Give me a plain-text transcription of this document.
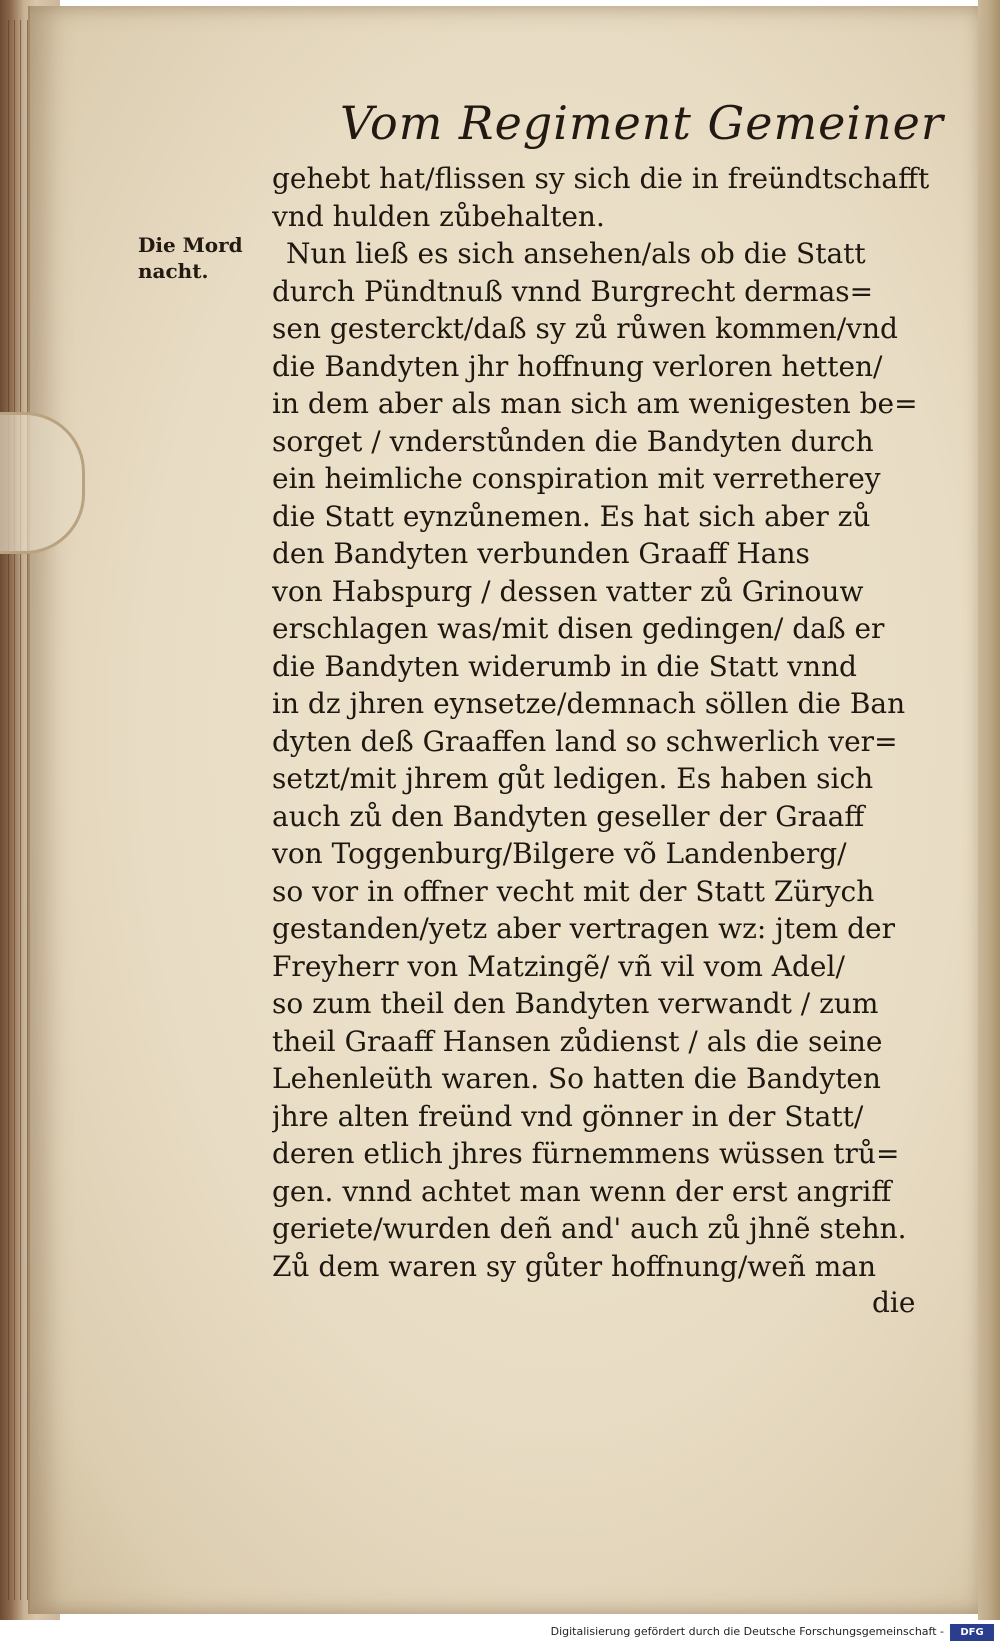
Vom Regiment Gemeiner
Die Mord
nacht.
gehebt hat/flissen sy sich die in freündtschafft
vnd hulden zůbehalten.
Nun ließ es sich ansehen/als ob die Statt
durch Pündtnuß vnnd Burgrecht dermas=
sen gesterckt/daß sy zů růwen kommen/vnd
die Bandyten jhr hoffnung verloren hetten/
in dem aber als man sich am wenigesten be=
sorget / vnderstůnden die Bandyten durch
ein heimliche conspiration mit verretherey
die Statt eynzůnemen. Es hat sich aber zů
den Bandyten verbunden Graaff Hans
von Habspurg / dessen vatter zů Grinouw
erschlagen was/mit disen gedingen/ daß er
die Bandyten widerumb in die Statt vnnd
in dz jhren eynsetze/demnach söllen die Ban
dyten deß Graaffen land so schwerlich ver=
setzt/mit jhrem gůt ledigen. Es haben sich
auch zů den Bandyten geseller der Graaff
von Toggenburg/Bilgere võ Landenberg/
so vor in offner vecht mit der Statt Zürych
gestanden/yetz aber vertragen wz: jtem der
Freyherr von Matzingẽ/ vñ vil vom Adel/
so zum theil den Bandyten verwandt / zum
theil Graaff Hansen zůdienst / als die seine
Lehenleüth waren. So hatten die Bandyten
jhre alten freünd vnd gönner in der Statt/
deren etlich jhres fürnemmens wüssen trů=
gen. vnnd achtet man wenn der erst angriff
geriete/wurden deñ and' auch zů jhnẽ stehn.
Zů dem waren sy gůter hoffnung/weñ man
die
Digitalisierung gefördert durch die Deutsche Forschungsgemeinschaft -	DFG
